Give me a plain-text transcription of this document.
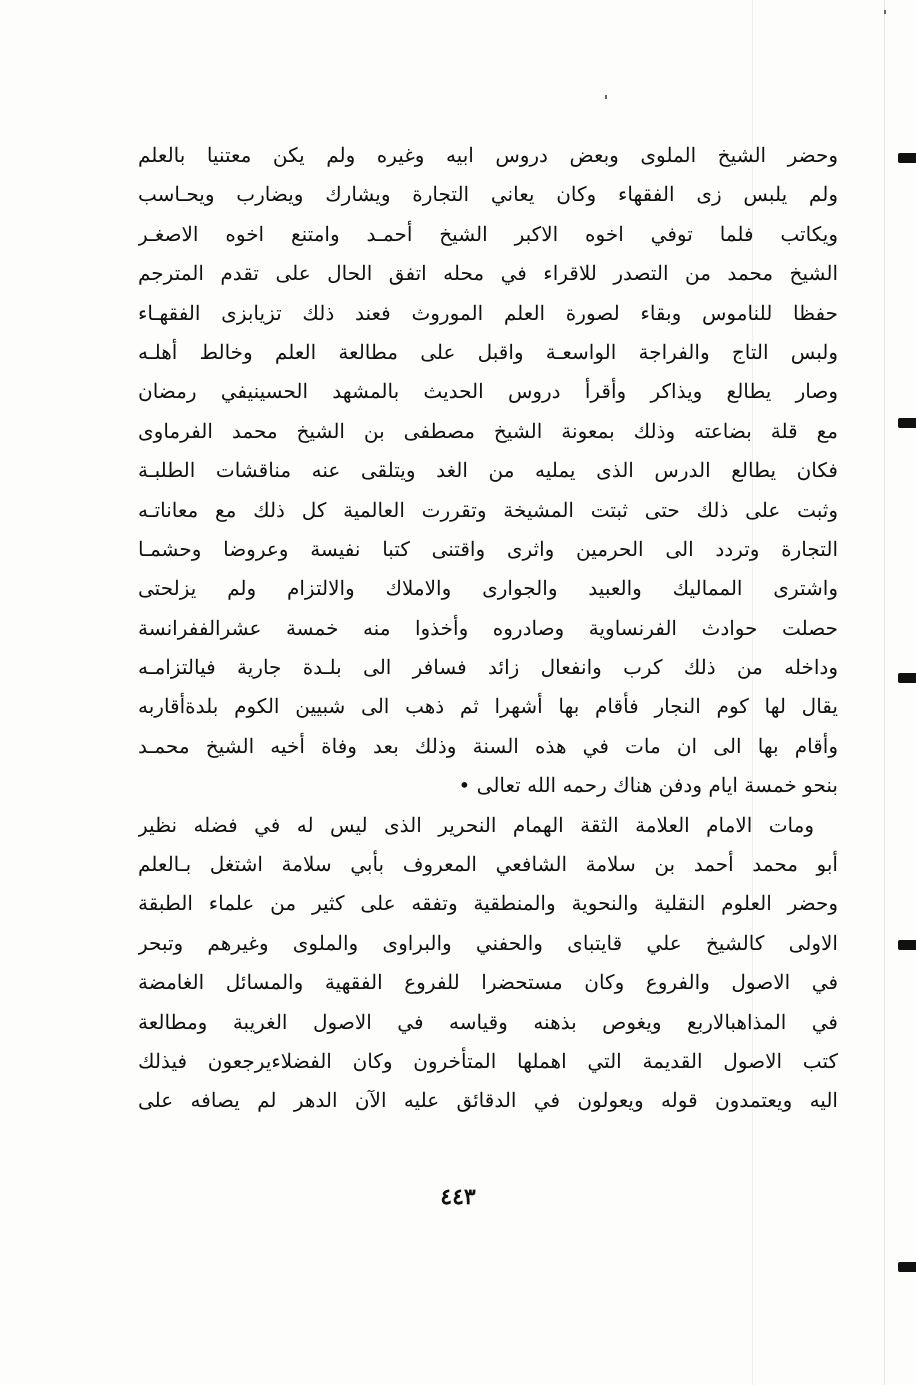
وحضر الشيخ الملوى وبعض دروس ابيه وغيره ولم يكن معتنيا بالعلم
ولم يلبس زى الفقهاء وكان يعاني التجارة ويشارك ويضارب ويحـاسب
ويكاتب فلما توفي اخوه الاكبر الشيخ أحمـد وامتنع اخوه الاصغـر
الشيخ محمد من التصدر للاقراء في محله اتفق الحال على تقدم المترجم
حفظا للناموس وبقاء لصورة العلم الموروث فعند ذلك تزيابزى الفقهـاء
ولبس التاج والفراجة الواسعـة واقبل على مطالعة العلم وخالط أهلـه
وصار يطالع ويذاكر وأقرأ دروس الحديث بالمشهد الحسينيفي رمضان
مع قلة بضاعته وذلك بمعونة الشيخ مصطفى بن الشيخ محمد الفرماوى
فكان يطالع الدرس الذى يمليه من الغد ويتلقى عنه مناقشات الطلبـة
وثبت على ذلك حتى ثبتت المشيخة وتقررت العالمية كل ذلك مع معاناتـه
التجارة وتردد الى الحرمين واثرى واقتنى كتبا نفيسة وعروضا وحشمـا
واشترى المماليك والعبيد والجوارى والاملاك والالتزام ولم يزلحتى
حصلت حوادث الفرنساوية وصادروه وأخذوا منه خمسة عشرالففرانسة
وداخله من ذلك كرب وانفعال زائد فسافر الى بلـدة جارية فيالتزامـه
يقال لها كوم النجار فأقام بها أشهرا ثم ذهب الى شبيين الكوم بلدةأقاربه
وأقام بها الى ان مات في هذه السنة وذلك بعد وفاة أخيه الشيخ محمـد
بنحو خمسة ايام ودفن هناك رحمه الله تعالى •
ومات الامام العلامة الثقة الهمام النحرير الذى ليس له في فضله نظير
أبو محمد أحمد بن سلامة الشافعي المعروف بأبي سلامة اشتغل بـالعلم
وحضر العلوم النقلية والنحوية والمنطقية وتفقه على كثير من علماء الطبقة
الاولى كالشيخ علي قايتباى والحفني والبراوى والملوى وغيرهم وتبحر
في الاصول والفروع وكان مستحضرا للفروع الفقهية والمسائل الغامضة
في المذاهبالاربع ويغوص بذهنه وقياسه في الاصول الغريبة ومطالعة
كتب الاصول القديمة التي اهملها المتأخرون وكان الفضلاءيرجعون فيذلك
اليه ويعتمدون قوله ويعولون في الدقائق عليه الآن الدهر لم يصافه على
٤٤٣
